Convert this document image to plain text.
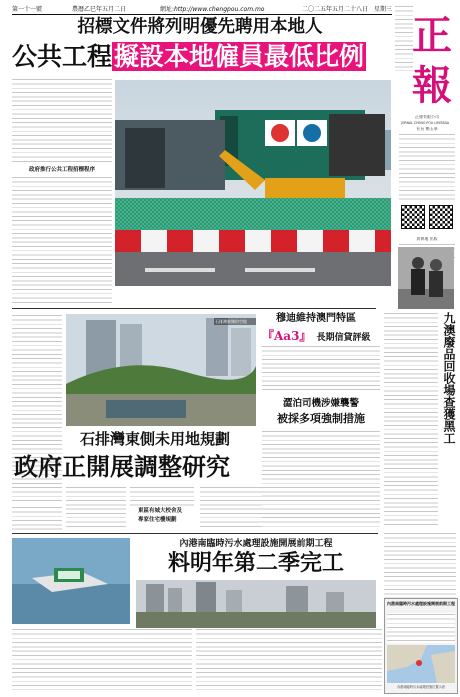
第一十一號	農曆乙巳年五月二日	網址: http://www.chengpou.com.mo	二〇二五年五月二十八日 星期三
招標文件將列明優先聘用本地人
公共工程擬設本地僱員最低比例
政府推行公共工程招標程序
正
報
正報有限公司
JORNAL CHENG POU LIMITADA
社長 鄭玉華
真實地 出版
九澳廢品回收場查獲黑工
石排灣東側的空地
石排灣東側未用地規劃
政府正開展調整研究
東區有城大校舍及
專家住宅樓規劃
穆迪維持澳門特區
『Aa3』 長期信貸評級
澀泊司機涉嫌襲警
被採多項強制措施
內港南臨時污水處理設施開展前期工程
料明年第二季完工
內港南臨時污水處理設施開展前期工程
內港南臨時污水處理設施位置示意
